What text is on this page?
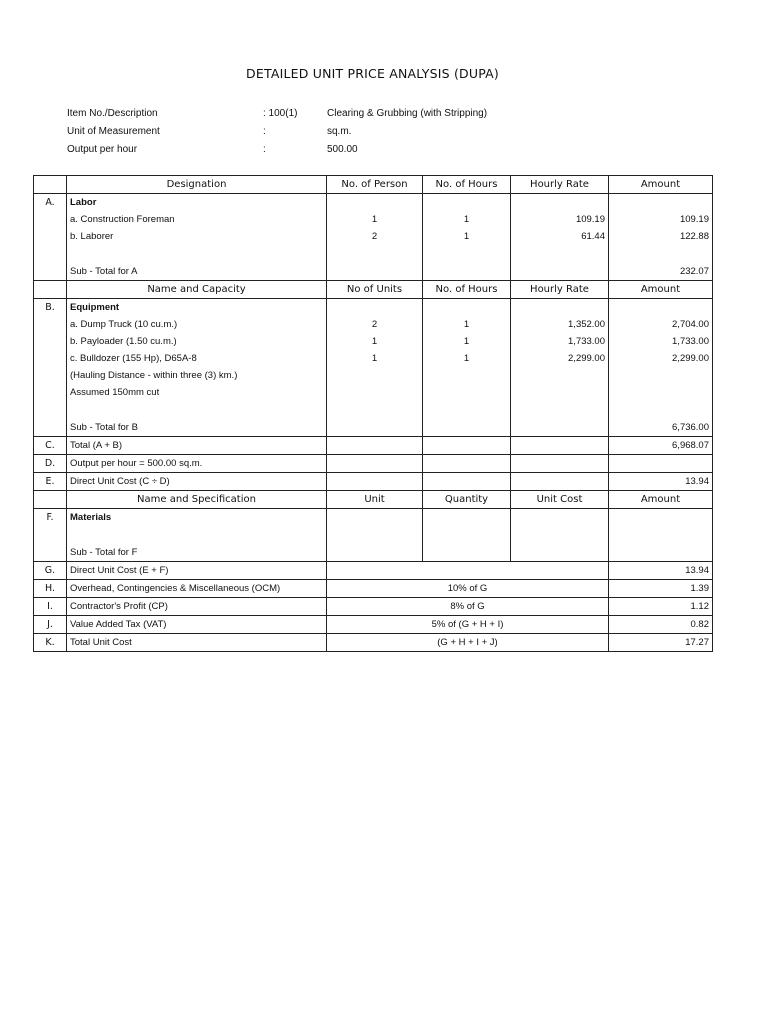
DETAILED UNIT PRICE ANALYSIS (DUPA)
Item No./Description	: 100(1)	Clearing & Grubbing (with Stripping)
Unit of Measurement	:	sq.m.
Output per hour	:	500.00
	Designation	No. of Person	No. of Hours	Hourly Rate	Amount
A.	Labor				
	a. Construction Foreman	1	1	109.19	109.19
	b. Laborer	2	1	61.44	122.88

	Sub - Total for A				232.07
	Name and Capacity	No of Units	No. of Hours	Hourly Rate	Amount
B.	Equipment				
	a. Dump Truck (10 cu.m.)	2	1	1,352.00	2,704.00
	b. Payloader (1.50 cu.m.)	1	1	1,733.00	1,733.00
	c. Bulldozer (155 Hp), D65A-8	1	1	2,299.00	2,299.00
	(Hauling Distance - within three (3) km.)				
	Assumed 150mm cut				

	Sub - Total for B				6,736.00
C.	Total (A + B)				6,968.07
D.	Output per hour = 500.00 sq.m.				
E.	Direct Unit Cost (C ÷ D)				13.94
	Name and Specification	Unit	Quantity	Unit Cost	Amount
F.	Materials				

	Sub - Total for F				
G.	Direct Unit Cost (E + F)				13.94
H.	Overhead, Contingencies & Miscellaneous (OCM)	10% of G			1.39
I.	Contractor's Profit (CP)	8% of G			1.12
J.	Value Added Tax (VAT)	5% of (G + H + I)			0.82
K.	Total Unit Cost	(G + H + I + J)			17.27
